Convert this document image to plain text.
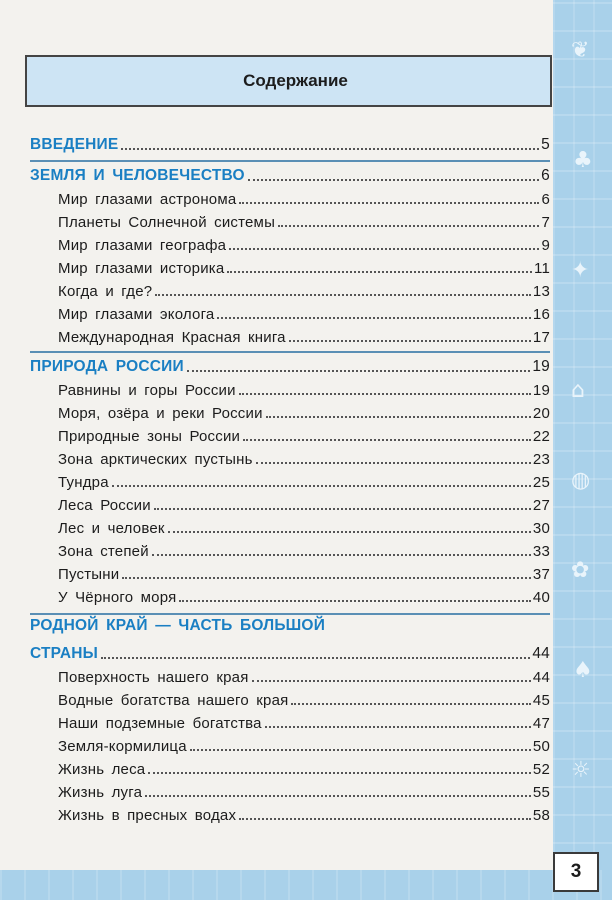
❦
♣
✦
⌂
◍
✿
♠
☼
3
Содержание
ВВЕДЕНИЕ	5
ЗЕМЛЯ И ЧЕЛОВЕЧЕСТВО	6
Мир глазами астронома	6
Планеты Солнечной системы	7
Мир глазами географа	9
Мир глазами историка	11
Когда и где?	13
Мир глазами эколога	16
Международная Красная книга	17
ПРИРОДА РОССИИ	19
Равнины и горы России	19
Моря, озёра и реки России	20
Природные зоны России	22
Зона арктических пустынь	23
Тундра	25
Леса России	27
Лес и человек	30
Зона степей	33
Пустыни	37
У Чёрного моря	40
РОДНОЙ КРАЙ — ЧАСТЬ БОЛЬШОЙ
СТРАНЫ	44
Поверхность нашего края	44
Водные богатства нашего края	45
Наши подземные богатства	47
Земля-кормилица	50
Жизнь леса	52
Жизнь луга	55
Жизнь в пресных водах	58
